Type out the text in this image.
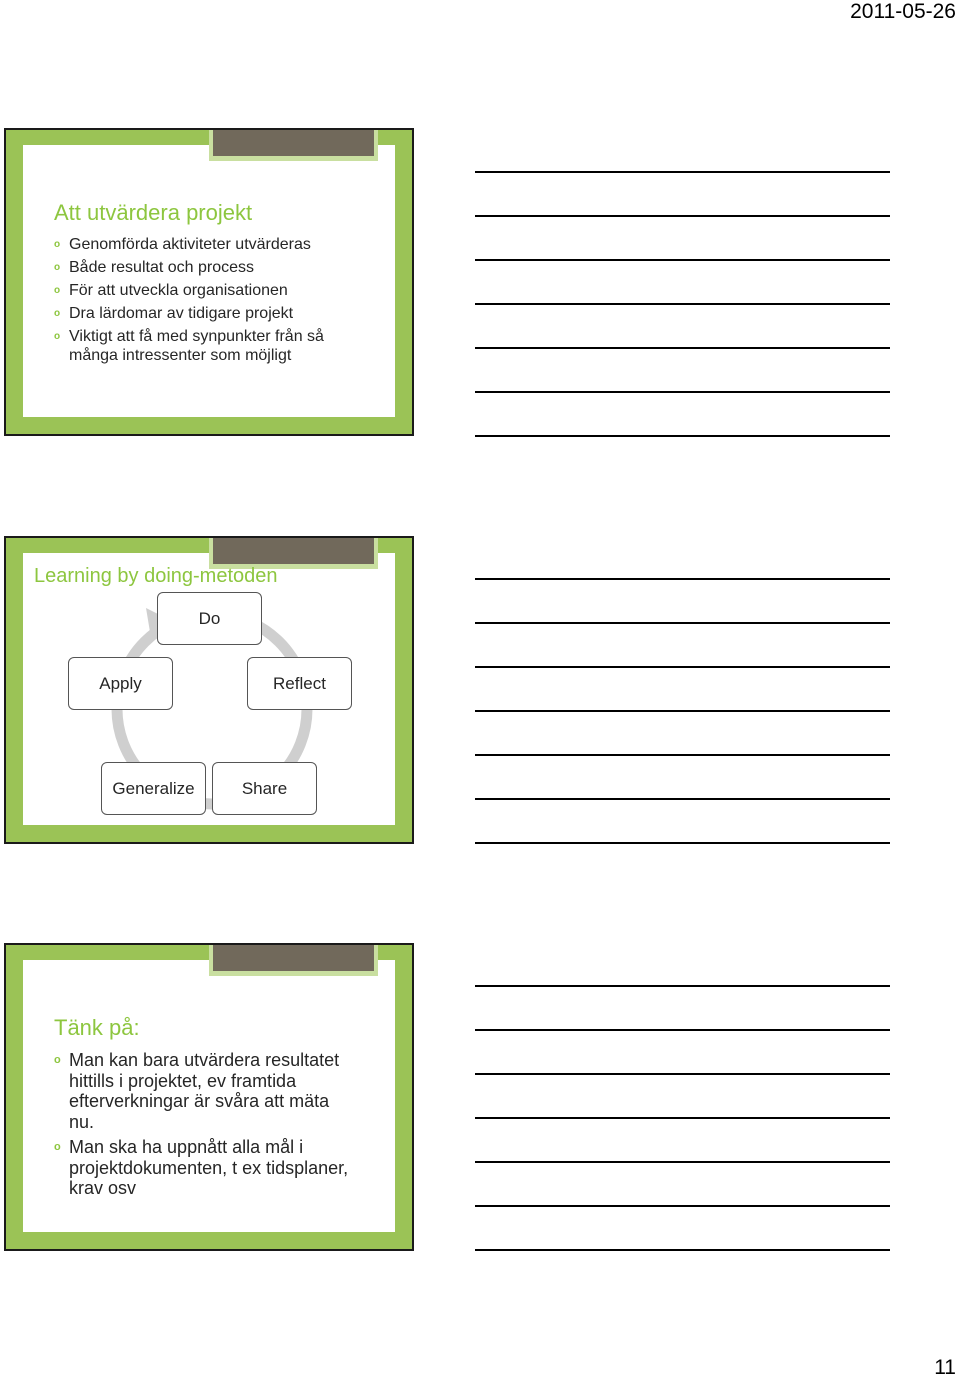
2011-05-26
Att utvärdera projekt
o Genomförda aktiviteter utvärderas
o Både resultat och process
o För att utveckla organisationen
o Dra lärdomar av tidigare projekt
o Viktigt att få med synpunkter från så många intressenter som möjligt
Learning by doing-metoden
Do
Reflect
Share
Generalize
Apply
Tänk på:
o Man kan bara utvärdera resultatet hittills i projektet, ev framtida efterverkningar är svåra att mäta nu.
o Man ska ha uppnått alla mål i projektdokumenten, t ex tidsplaner, krav osv
11
